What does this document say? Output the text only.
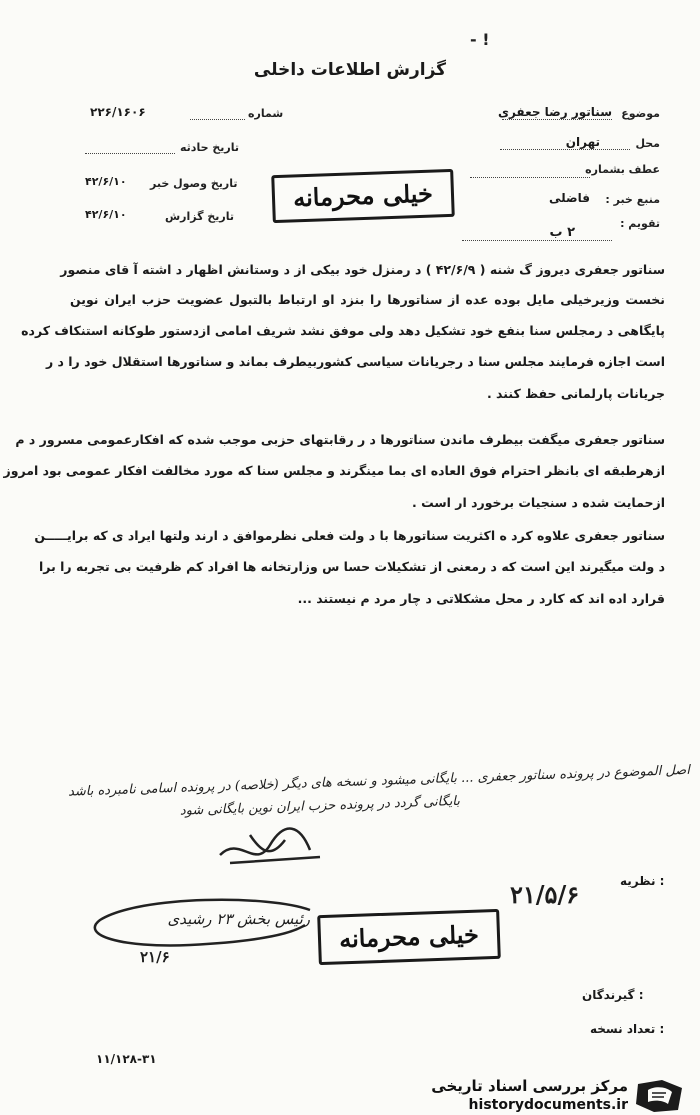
- !
گزارش اطلاعات داخلی
۲۲۶/۱۶۰۶	شماره
تاریخ حادثه
۴۲/۶/۱۰ تاریخ وصول خبر
۴۲/۶/۱۰	تاریخ گزارش
خیلی محرمانه
موضوع
سناتور رضا جعفری
محل
تهران
عطف بشماره
منبع خبر :
فاضلی
تقویم :
۲ ب
سناتور جعفری دیروز گ شنه ( ۴۲/۶/۹ ) د رمنزل خود بیکی از د وستانش اظهار د اشته آ قای منصور
نخست وزیرخیلی مایل بوده عده از سناتورها را بنزد او ارتباط بالتبول عضویت حزب ایران نوین
پایگاهی د رمجلس سنا بنفع خود تشکیل دهد ولی موفق نشد شریف امامی ازدستور طوکانه استنکاف کرده
است اجازه فرمایند مجلس سنا د رجریانات سیاسی کشوربیطرف بماند و سناتورها استقلال خود را د ر
جریانات پارلمانی حفظ کنند .
سناتور جعفری میگفت بیطرف ماندن سناتورها د ر رقابتهای حزبی موجب شده که افکارعمومی مسرور د م
ازهرطبقه ای بانظر احترام فوق العاده ای بما مینگرند و مجلس سنا که مورد مخالفت افکار عمومی بود امروز
ازحمایت شده د سنجیات برخورد ار است .
سناتور جعفری علاوه کرد ه اکثریت سناتورها با د ولت فعلی نظرموافق د ارند ولتها ایراد ی که برایـــــن
د ولت میگیرند این است که د رمعنی از تشکیلات حسا س وزارتخانه ها افراد کم ظرفیت بی تجربه را برا
قرارد اده اند که کارد ر محل مشکلاتی د چار مرد م نیستند ...
اصل الموضوع در پرونده سناتور جعفری ... بایگانی میشود و نسخه های دیگر (خلاصه) در پرونده اسامی نامبرده باشد
بایگانی گردد در پرونده حزب ایران نوین بایگانی شود
نظریه :
۲۱/۵/۶
رئیس بخش ۲۳ رشیدی
۲۱/۶
خیلی محرمانه
گیرندگان :
تعداد نسخه :
۱۱/۱۲۸-۳۱
مرکز بررسی اسناد تاریخی
historydocuments.ir
